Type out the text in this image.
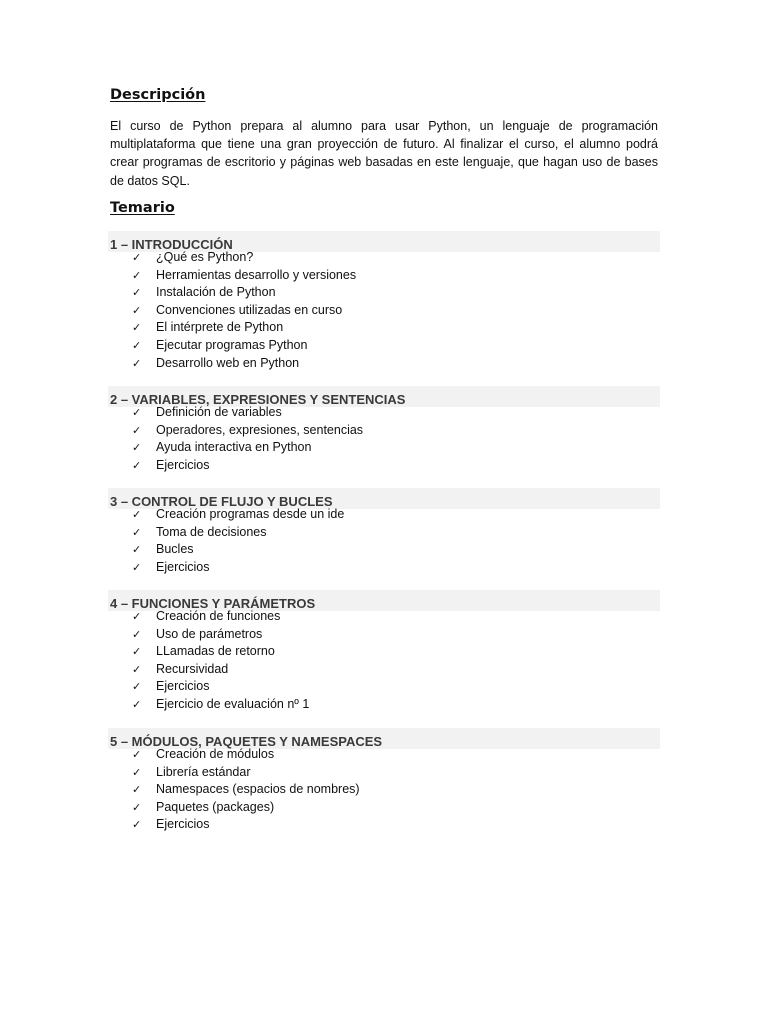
Descripción
El curso de Python prepara al alumno para usar Python, un lenguaje de programación multiplataforma que tiene una gran proyección de futuro. Al finalizar el curso, el alumno podrá crear programas de escritorio y páginas web basadas en este lenguaje, que hagan uso de bases de datos SQL.
Temario
1 – INTRODUCCIÓN
✓ ¿Qué es Python?
✓ Herramientas desarrollo y versiones
✓ Instalación de Python
✓ Convenciones utilizadas en curso
✓ El intérprete de Python
✓ Ejecutar programas Python
✓ Desarrollo web en Python
2 – VARIABLES, EXPRESIONES Y SENTENCIAS
✓ Definición de variables
✓ Operadores, expresiones, sentencias
✓ Ayuda interactiva en Python
✓ Ejercicios
3 – CONTROL DE FLUJO Y BUCLES
✓ Creación programas desde un ide
✓ Toma de decisiones
✓ Bucles
✓ Ejercicios
4 – FUNCIONES Y PARÁMETROS
✓ Creación de funciones
✓ Uso de parámetros
✓ LLamadas de retorno
✓ Recursividad
✓ Ejercicios
✓ Ejercicio de evaluación nº 1
5 – MÓDULOS, PAQUETES Y NAMESPACES
✓ Creación de módulos
✓ Librería estándar
✓ Namespaces (espacios de nombres)
✓ Paquetes (packages)
✓ Ejercicios
